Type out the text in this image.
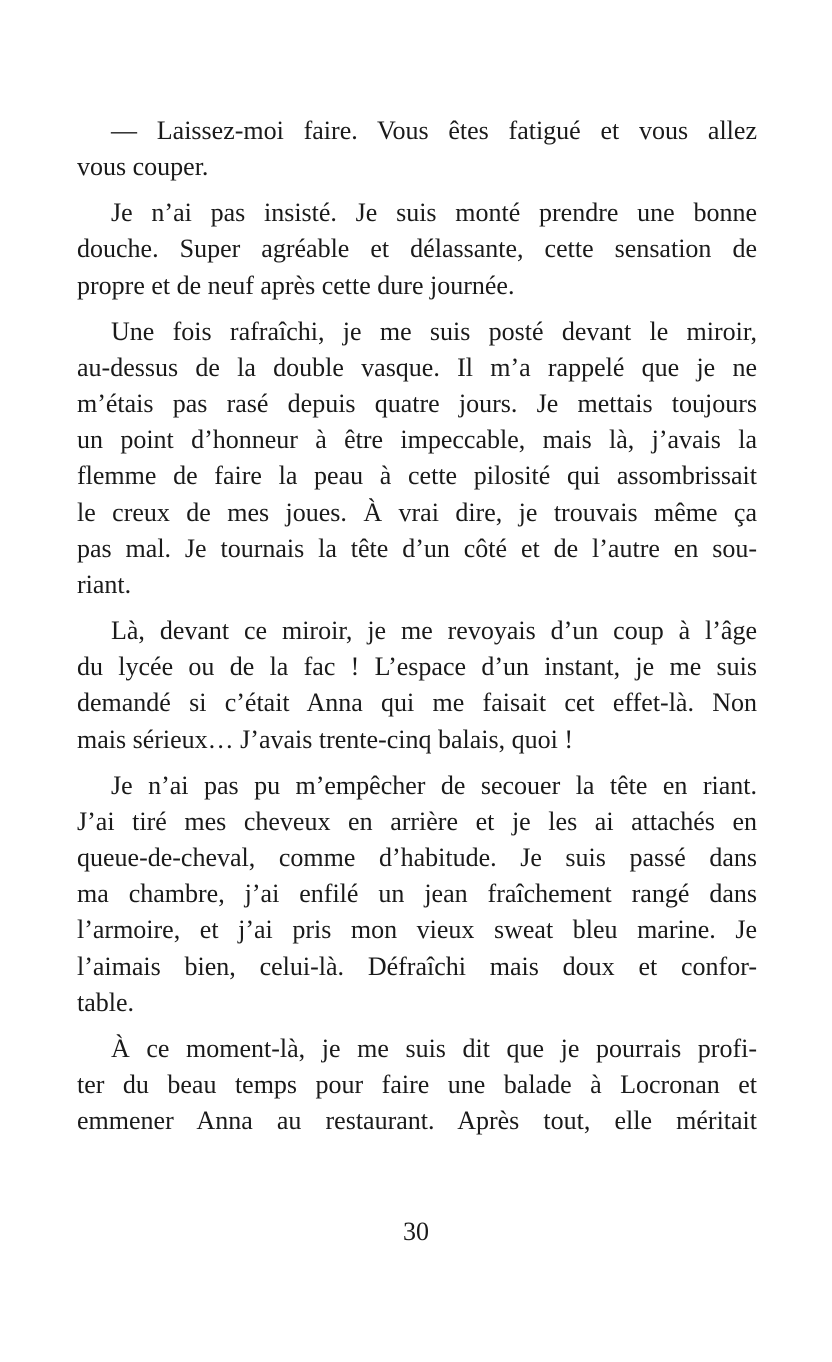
— Laissez-moi faire. Vous êtes fatigué et vous allez
vous couper.

Je n’ai pas insisté. Je suis monté prendre une bonne
douche. Super agréable et délassante, cette sensation de
propre et de neuf après cette dure journée.

Une fois rafraîchi, je me suis posté devant le miroir,
au-dessus de la double vasque. Il m’a rappelé que je ne
m’étais pas rasé depuis quatre jours. Je mettais toujours
un point d’honneur à être impeccable, mais là, j’avais la
flemme de faire la peau à cette pilosité qui assombrissait
le creux de mes joues. À vrai dire, je trouvais même ça
pas mal. Je tournais la tête d’un côté et de l’autre en sou-
riant.

Là, devant ce miroir, je me revoyais d’un coup à l’âge
du lycée ou de la fac ! L’espace d’un instant, je me suis
demandé si c’était Anna qui me faisait cet effet-là. Non
mais sérieux… J’avais trente-cinq balais, quoi !

Je n’ai pas pu m’empêcher de secouer la tête en riant.
J’ai tiré mes cheveux en arrière et je les ai attachés en
queue-de-cheval, comme d’habitude. Je suis passé dans
ma chambre, j’ai enfilé un jean fraîchement rangé dans
l’armoire, et j’ai pris mon vieux sweat bleu marine. Je
l’aimais bien, celui-là. Défraîchi mais doux et confor-
table.

À ce moment-là, je me suis dit que je pourrais profi-
ter du beau temps pour faire une balade à Locronan et
emmener Anna au restaurant. Après tout, elle méritait

30
